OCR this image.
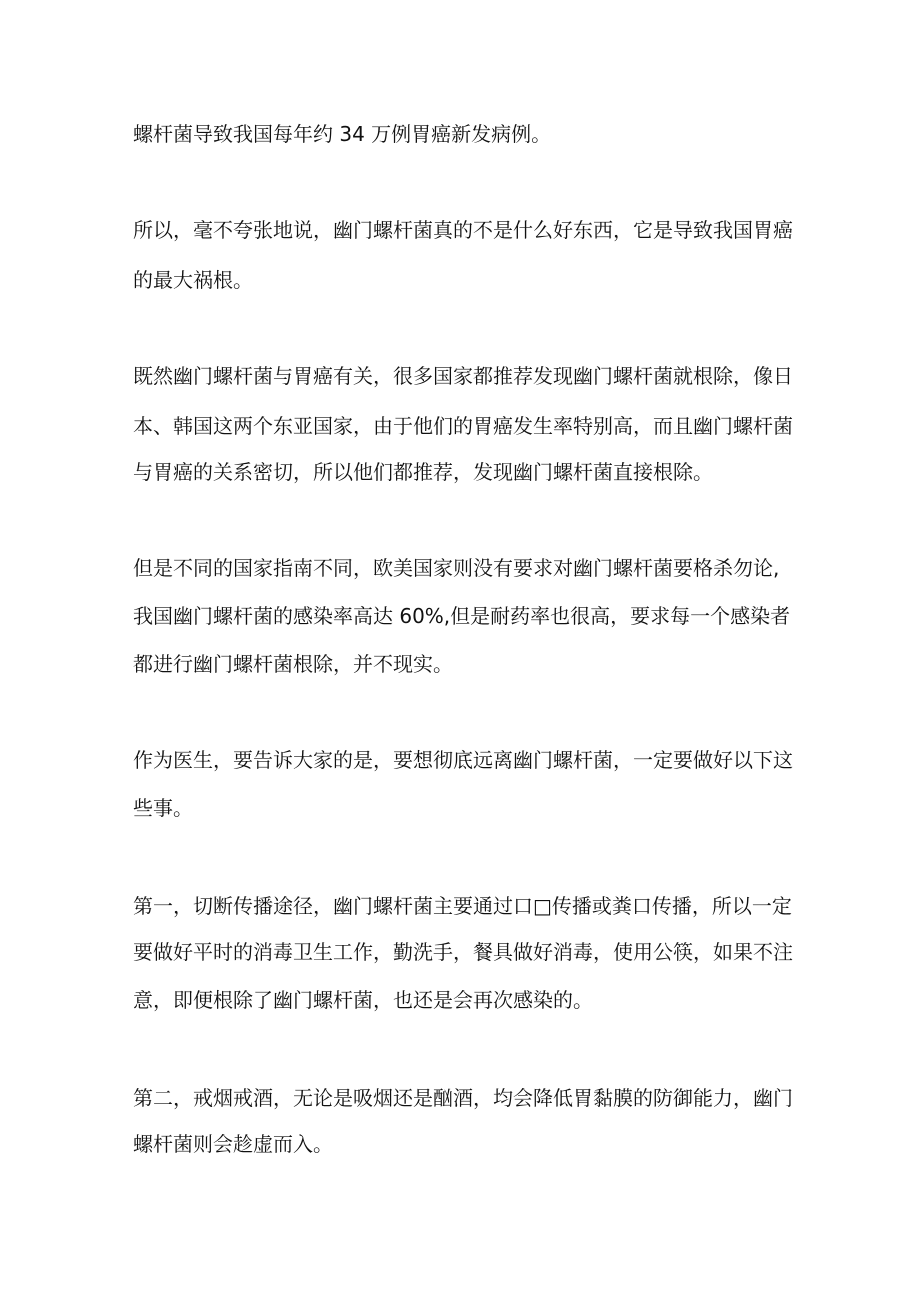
螺杆菌导致我国每年约 34 万例胃癌新发病例。
所以，毫不夸张地说，幽门螺杆菌真的不是什么好东西，它是导致我国胃癌
的最大祸根。
既然幽门螺杆菌与胃癌有关，很多国家都推荐发现幽门螺杆菌就根除，像日
本、韩国这两个东亚国家，由于他们的胃癌发生率特别高，而且幽门螺杆菌
与胃癌的关系密切，所以他们都推荐，发现幽门螺杆菌直接根除。
但是不同的国家指南不同，欧美国家则没有要求对幽门螺杆菌要格杀勿论,
我国幽门螺杆菌的感染率高达 60%,但是耐药率也很高，要求每一个感染者
都进行幽门螺杆菌根除，并不现实。
作为医生，要告诉大家的是，要想彻底远离幽门螺杆菌，一定要做好以下这
些事。
第一，切断传播途径，幽门螺杆菌主要通过口□传播或粪口传播，所以一定
要做好平时的消毒卫生工作，勤洗手，餐具做好消毒，使用公筷，如果不注
意，即便根除了幽门螺杆菌，也还是会再次感染的。
第二，戒烟戒酒，无论是吸烟还是酗酒，均会降低胃黏膜的防御能力，幽门
螺杆菌则会趁虚而入。
